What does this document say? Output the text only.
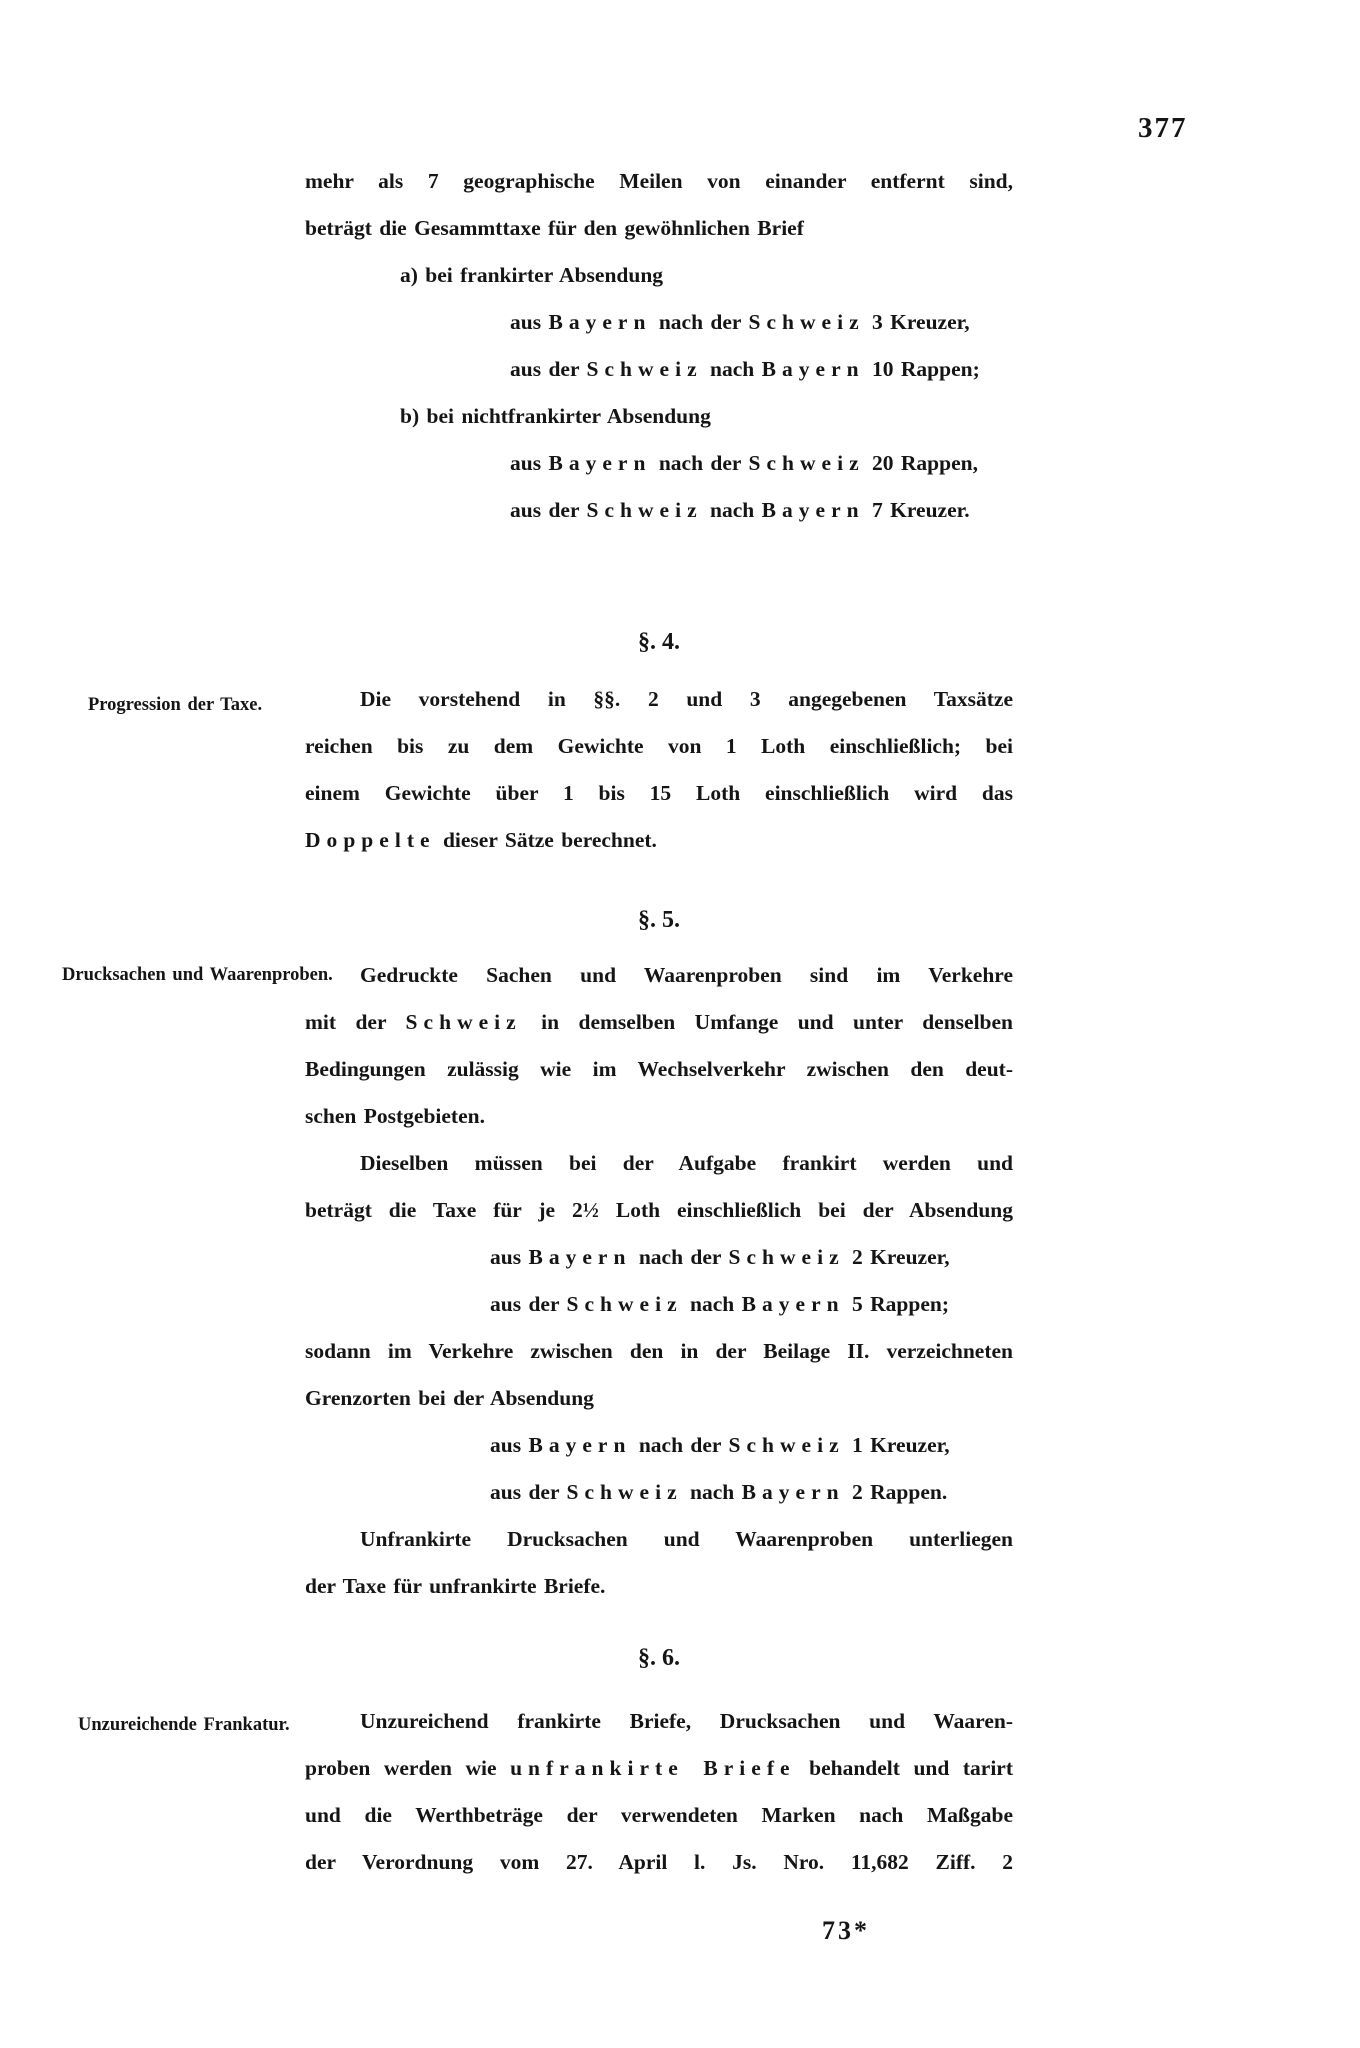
377
mehr als 7 geographische Meilen von einander entfernt sind,
beträgt die Gesammttaxe für den gewöhnlichen Brief
a) bei frankirter Absendung
aus Bayern nach der Schweiz 3 Kreuzer,
aus der Schweiz nach Bayern 10 Rappen;
b) bei nichtfrankirter Absendung
aus Bayern nach der Schweiz 20 Rappen,
aus der Schweiz nach Bayern 7 Kreuzer.
§. 4.
Progression der Taxe.	Die vorstehend in §§. 2 und 3 angegebenen Taxsätze
reichen bis zu dem Gewichte von 1 Loth einschließlich; bei
einem Gewichte über 1 bis 15 Loth einschließlich wird das
Doppelte dieser Sätze berechnet.
§. 5.
Drucksachen und Waarenproben.	Gedruckte Sachen und Waarenproben sind im Verkehre
mit der Schweiz in demselben Umfange und unter denselben
Bedingungen zulässig wie im Wechselverkehr zwischen den deut-
schen Postgebieten.
Dieselben müssen bei der Aufgabe frankirt werden und
beträgt die Taxe für je 2½ Loth einschließlich bei der Absendung
aus Bayern nach der Schweiz 2 Kreuzer,
aus der Schweiz nach Bayern 5 Rappen;
sodann im Verkehre zwischen den in der Beilage II. verzeichneten
Grenzorten bei der Absendung
aus Bayern nach der Schweiz 1 Kreuzer,
aus der Schweiz nach Bayern 2 Rappen.
Unfrankirte Drucksachen und Waarenproben unterliegen
der Taxe für unfrankirte Briefe.
§. 6.
Unzureichende Frankatur.	Unzureichend frankirte Briefe, Drucksachen und Waaren-
proben werden wie unfrankirte Briefe behandelt und tarirt
und die Werthbeträge der verwendeten Marken nach Maßgabe
der Verordnung vom 27. April l. Js. Nro. 11,682 Ziff. 2
73*
